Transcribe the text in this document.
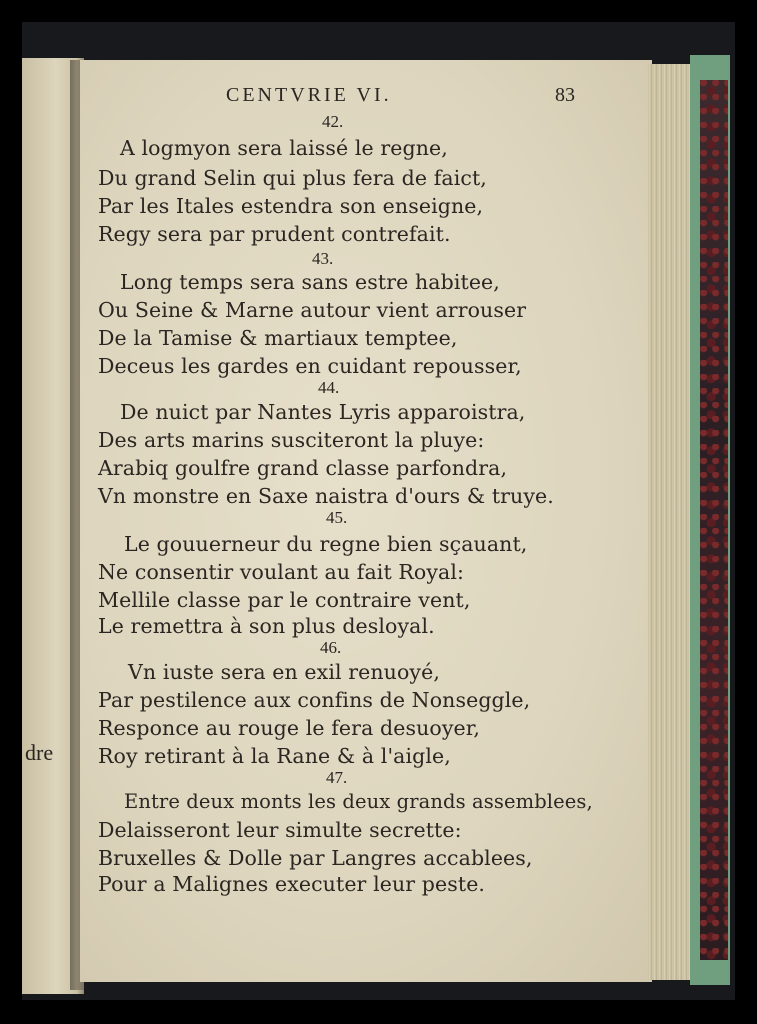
dre
CENTVRIE VI.	83
42.
A logmyon sera laissé le regne,
Du grand Selin qui plus fera de faict,
Par les Itales estendra son enseigne,
Regy sera par prudent contrefait.
43.
Long temps sera sans estre habitee,
Ou Seine & Marne autour vient arrouser
De la Tamise & martiaux temptee,
Deceus les gardes en cuidant repousser,
44.
De nuict par Nantes Lyris apparoistra,
Des arts marins susciteront la pluye:
Arabiq goulfre grand classe parfondra,
Vn monstre en Saxe naistra d'ours & truye.
45.
Le gouuerneur du regne bien sçauant,
Ne consentir voulant au fait Royal:
Mellile classe par le contraire vent,
Le remettra à son plus desloyal.
46.
Vn iuste sera en exil renuoyé,
Par pestilence aux confins de Nonseggle,
Responce au rouge le fera desuoyer,
Roy retirant à la Rane & à l'aigle,
47.
Entre deux monts les deux grands assemblees,
Delaisseront leur simulte secrette:
Bruxelles & Dolle par Langres accablees,
Pour a Malignes executer leur peste.
